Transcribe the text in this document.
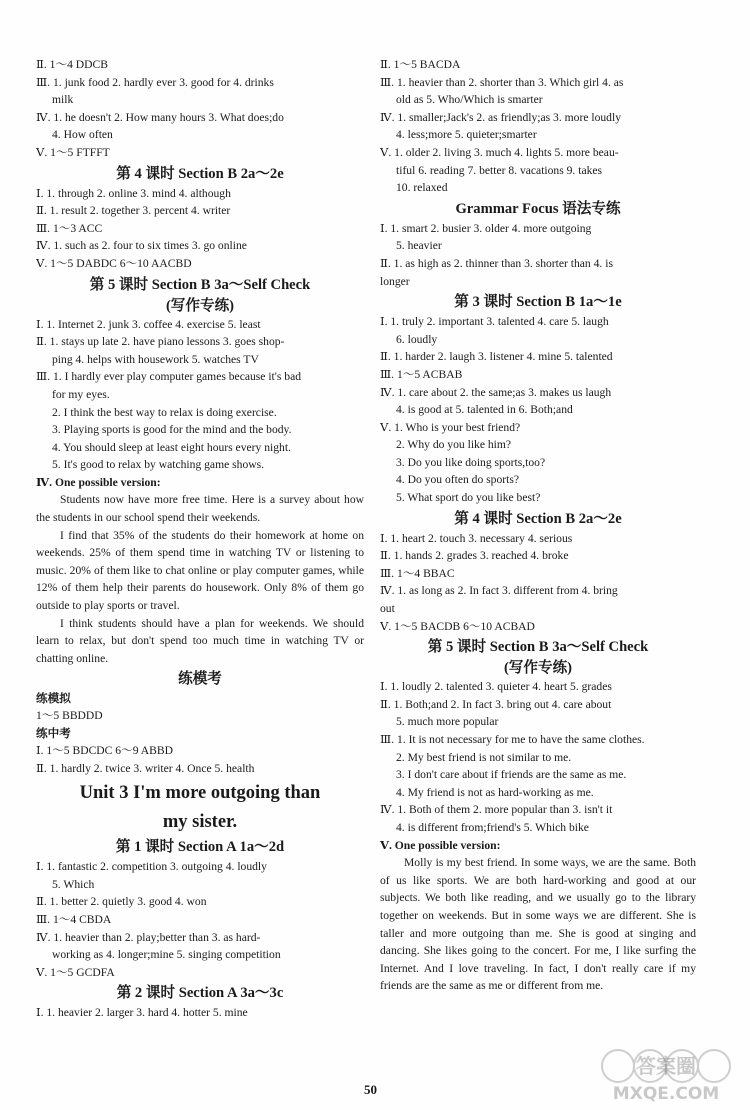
Ⅱ. 1～4 DDCB
Ⅲ. 1. junk food 2. hardly ever 3. good for 4. drinks
milk
Ⅳ. 1. he doesn't 2. How many hours 3. What does;do
4. How often
Ⅴ. 1～5 FTFFT
第 4 课时 Section B 2a～2e
Ⅰ. 1. through 2. online 3. mind 4. although
Ⅱ. 1. result 2. together 3. percent 4. writer
Ⅲ. 1～3 ACC
Ⅳ. 1. such as 2. four to six times 3. go online
Ⅴ. 1～5 DABDC 6～10 AACBD
第 5 课时 Section B 3a～Self Check
(写作专练)
Ⅰ. 1. Internet 2. junk 3. coffee 4. exercise 5. least
Ⅱ. 1. stays up late 2. have piano lessons 3. goes shop-
ping 4. helps with housework 5. watches TV
Ⅲ. 1. I hardly ever play computer games because it's bad
for my eyes.
2. I think the best way to relax is doing exercise.
3. Playing sports is good for the mind and the body.
4. You should sleep at least eight hours every night.
5. It's good to relax by watching game shows.
Ⅳ. One possible version:

Students now have more free time. Here is a survey about how the students in our school spend their weekends.

I find that 35% of the students do their homework at home on weekends. 25% of them spend time in watching TV or listening to music. 20% of them like to chat online or play computer games, while 12% of them help their parents do housework. Only 8% of them go outside to play sports or travel.

I think students should have a plan for weekends. We should learn to relax, but don't spend too much time in watching TV or chatting online.

练模考
练模拟
1～5 BBDDD
练中考
Ⅰ. 1～5 BDCDC 6～9 ABBD
Ⅱ. 1. hardly 2. twice 3. writer 4. Once 5. health
Unit 3 I'm more outgoing than
my sister.
第 1 课时 Section A 1a～2d
Ⅰ. 1. fantastic 2. competition 3. outgoing 4. loudly
5. Which
Ⅱ. 1. better 2. quietly 3. good 4. won
Ⅲ. 1～4 CBDA
Ⅳ. 1. heavier than 2. play;better than 3. as hard-
working as 4. longer;mine 5. singing competition
Ⅴ. 1～5 GCDFA
第 2 课时 Section A 3a～3c
Ⅰ. 1. heavier 2. larger 3. hard 4. hotter 5. mine
Ⅱ. 1～5 BACDA
Ⅲ. 1. heavier than 2. shorter than 3. Which girl 4. as
old as 5. Who/Which is smarter
Ⅳ. 1. smaller;Jack's 2. as friendly;as 3. more loudly
4. less;more 5. quieter;smarter
Ⅴ. 1. older 2. living 3. much 4. lights 5. more beau-
tiful 6. reading 7. better 8. vacations 9. takes
10. relaxed
Grammar Focus 语法专练
Ⅰ. 1. smart 2. busier 3. older 4. more outgoing
5. heavier
Ⅱ. 1. as high as 2. thinner than 3. shorter than 4. is
longer
第 3 课时 Section B 1a～1e
Ⅰ. 1. truly 2. important 3. talented 4. care 5. laugh
6. loudly
Ⅱ. 1. harder 2. laugh 3. listener 4. mine 5. talented
Ⅲ. 1～5 ACBAB
Ⅳ. 1. care about 2. the same;as 3. makes us laugh
4. is good at 5. talented in 6. Both;and
Ⅴ. 1. Who is your best friend?
2. Why do you like him?
3. Do you like doing sports,too?
4. Do you often do sports?
5. What sport do you like best?
第 4 课时 Section B 2a～2e
Ⅰ. 1. heart 2. touch 3. necessary 4. serious
Ⅱ. 1. hands 2. grades 3. reached 4. broke
Ⅲ. 1～4 BBAC
Ⅳ. 1. as long as 2. In fact 3. different from 4. bring
out
Ⅴ. 1～5 BACDB 6～10 ACBAD
第 5 课时 Section B 3a～Self Check
(写作专练)
Ⅰ. 1. loudly 2. talented 3. quieter 4. heart 5. grades
Ⅱ. 1. Both;and 2. In fact 3. bring out 4. care about
5. much more popular
Ⅲ. 1. It is not necessary for me to have the same clothes.
2. My best friend is not similar to me.
3. I don't care about if friends are the same as me.
4. My friend is not as hard-working as me.
Ⅳ. 1. Both of them 2. more popular than 3. isn't it
4. is different from;friend's 5. Which bike
Ⅴ. One possible version:

Molly is my best friend. In some ways, we are the same. Both of us like sports. We are both hard-working and good at our subjects. We both like reading, and we usually go to the library together on weekends. But in some ways we are different. She is taller and more outgoing than me. She is good at singing and dancing. She likes going to the concert. For me, I like surfing the Internet. And I love traveling. In fact, I don't really care if my friends are the same as me or different from me.

50
答案圈
MXQE.COM
